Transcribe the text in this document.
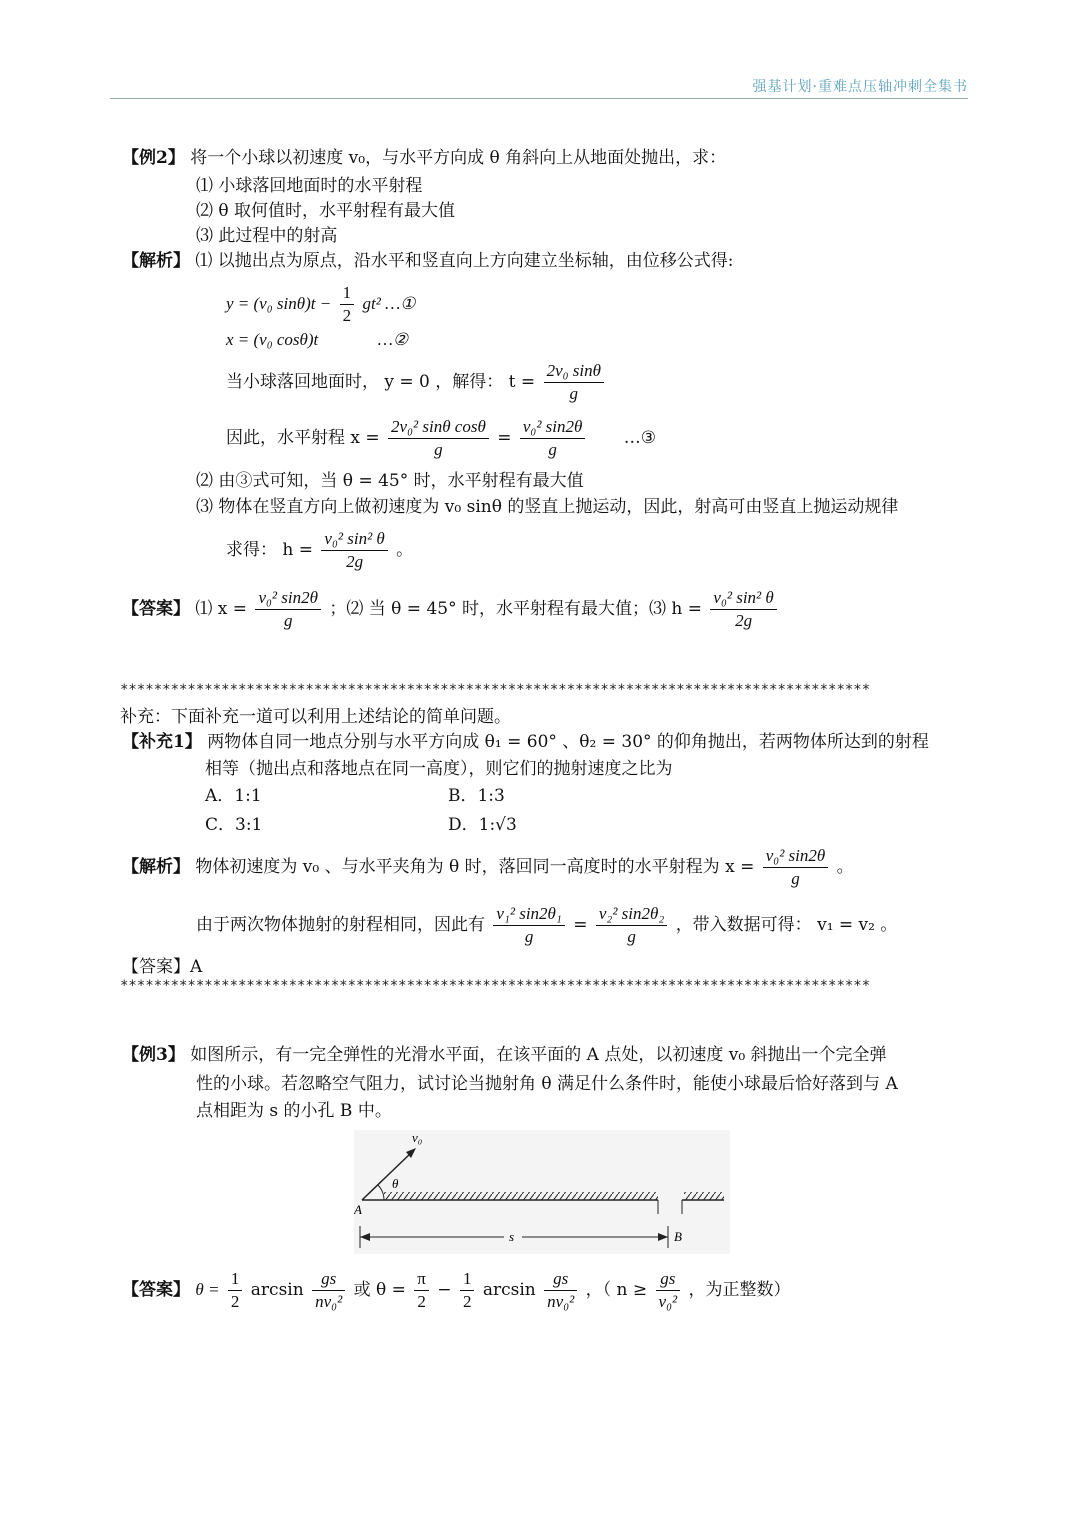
强基计划·重难点压轴冲刺全集书
【例2】 将一个小球以初速度 v₀，与水平方向成 θ 角斜向上从地面处抛出，求：
⑴ 小球落回地面时的水平射程
⑵ θ 取何值时，水平射程有最大值
⑶ 此过程中的射高
【解析】 ⑴ 以抛出点为原点，沿水平和竖直向上方向建立坐标轴，由位移公式得:
y = (v₀ $\sin\theta)t - \frac{1}{2} gt^2$ …①
x = (v₀ cosθ)t              …②
当小球落回地面时， y = 0 ，解得： $t = \frac{\text{2v₀ sinθ}}{g}$
因此，水平射程 $x = \frac{\text{2v₀² sinθ cosθ}}{g} = \frac{\text{v₀² sin2θ}}{g}$ …③
⑵ 由③式可知，当 θ = 45° 时，水平射程有最大值
⑶ 物体在竖直方向上做初速度为 v₀ sinθ 的竖直上抛运动，因此，射高可由竖直上抛运动规律
求得： $h = \frac{\text{v₀² sin² θ}}{2g}$ 。
【答案】 ⑴ $x = \frac{\text{v₀² sin2θ}}{g}$ ；⑵ 当 θ = 45° 时，水平射程有最大值；⑶ $h = \frac{\text{v₀² sin² θ}}{2g}$
*****************************************************************************************
补充：下面补充一道可以利用上述结论的简单问题。
【补充1】 两物体自同一地点分别与水平方向成 θ₁ = 60° 、θ₂ = 30° 的仰角抛出，若两物体所达到的射程
相等（抛出点和落地点在同一高度），则它们的抛射速度之比为
A．1:1	B．1:3
C．3:1	D．1:√3
【解析】 物体初速度为 v₀ 、与水平夹角为 θ 时，落回同一高度时的水平射程为 $x = \frac{\text{v₀² sin2θ}}{g}$ 。
由于两次物体抛射的射程相同，因此有 $\frac{\text{v₁² sin2θ₁}}{g} = \frac{\text{v₂² sin2θ₂}}{g}$ ，带入数据可得： v₁ = v₂ 。
【答案】A
*****************************************************************************************
【例3】 如图所示，有一完全弹性的光滑水平面，在该平面的 A 点处，以初速度 v₀ 斜抛出一个完全弹
性的小球。若忽略空气阻力，试讨论当抛射角 θ 满足什么条件时，能使小球最后恰好落到与 A
点相距为 s 的小孔 B 中。
v₀
θ
A
B
s
【答案】 $\theta = \frac{1}{2}$ $\arcsin \frac{gs}{\text{nv₀²}}$ 或 $\theta = \frac{\pi}{2} - \frac{1}{2}$ $\arcsin \frac{gs}{\text{nv₀²}}$ ，（ $n \ge \frac{gs}{\text{v₀²}}$ ，为正整数）
